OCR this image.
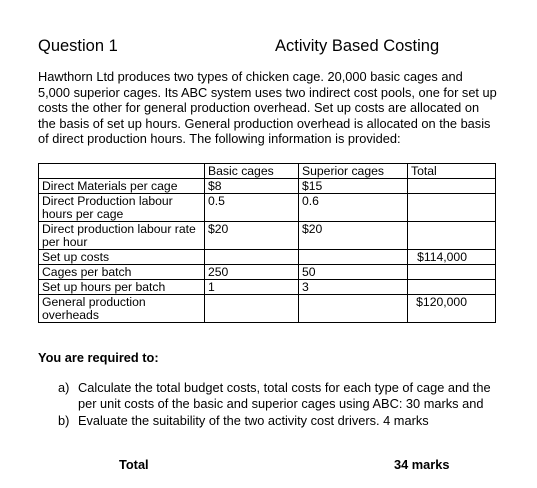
Question 1	Activity Based Costing
Hawthorn Ltd produces two types of chicken cage. 20,000 basic cages and 5,000 superior cages. Its ABC system uses two indirect cost pools, one for set up costs the other for general production overhead. Set up costs are allocated on the basis of set up hours. General production overhead is allocated on the basis of direct production hours. The following information is provided:
	Basic cages	Superior cages	Total
Direct Materials per cage	$8	$15	
Direct Production labour hours per cage	0.5	0.6	
Direct production labour rate per hour	$20	$20	
Set up costs			$114,000
Cages per batch	250	50	
Set up hours per batch	1	3	
General production overheads			$120,000
You are required to:
a) Calculate the total budget costs, total costs for each type of cage and the per unit costs of the basic and superior cages using ABC: 30 marks and
b) Evaluate the suitability of the two activity cost drivers. 4 marks
Total	34 marks
